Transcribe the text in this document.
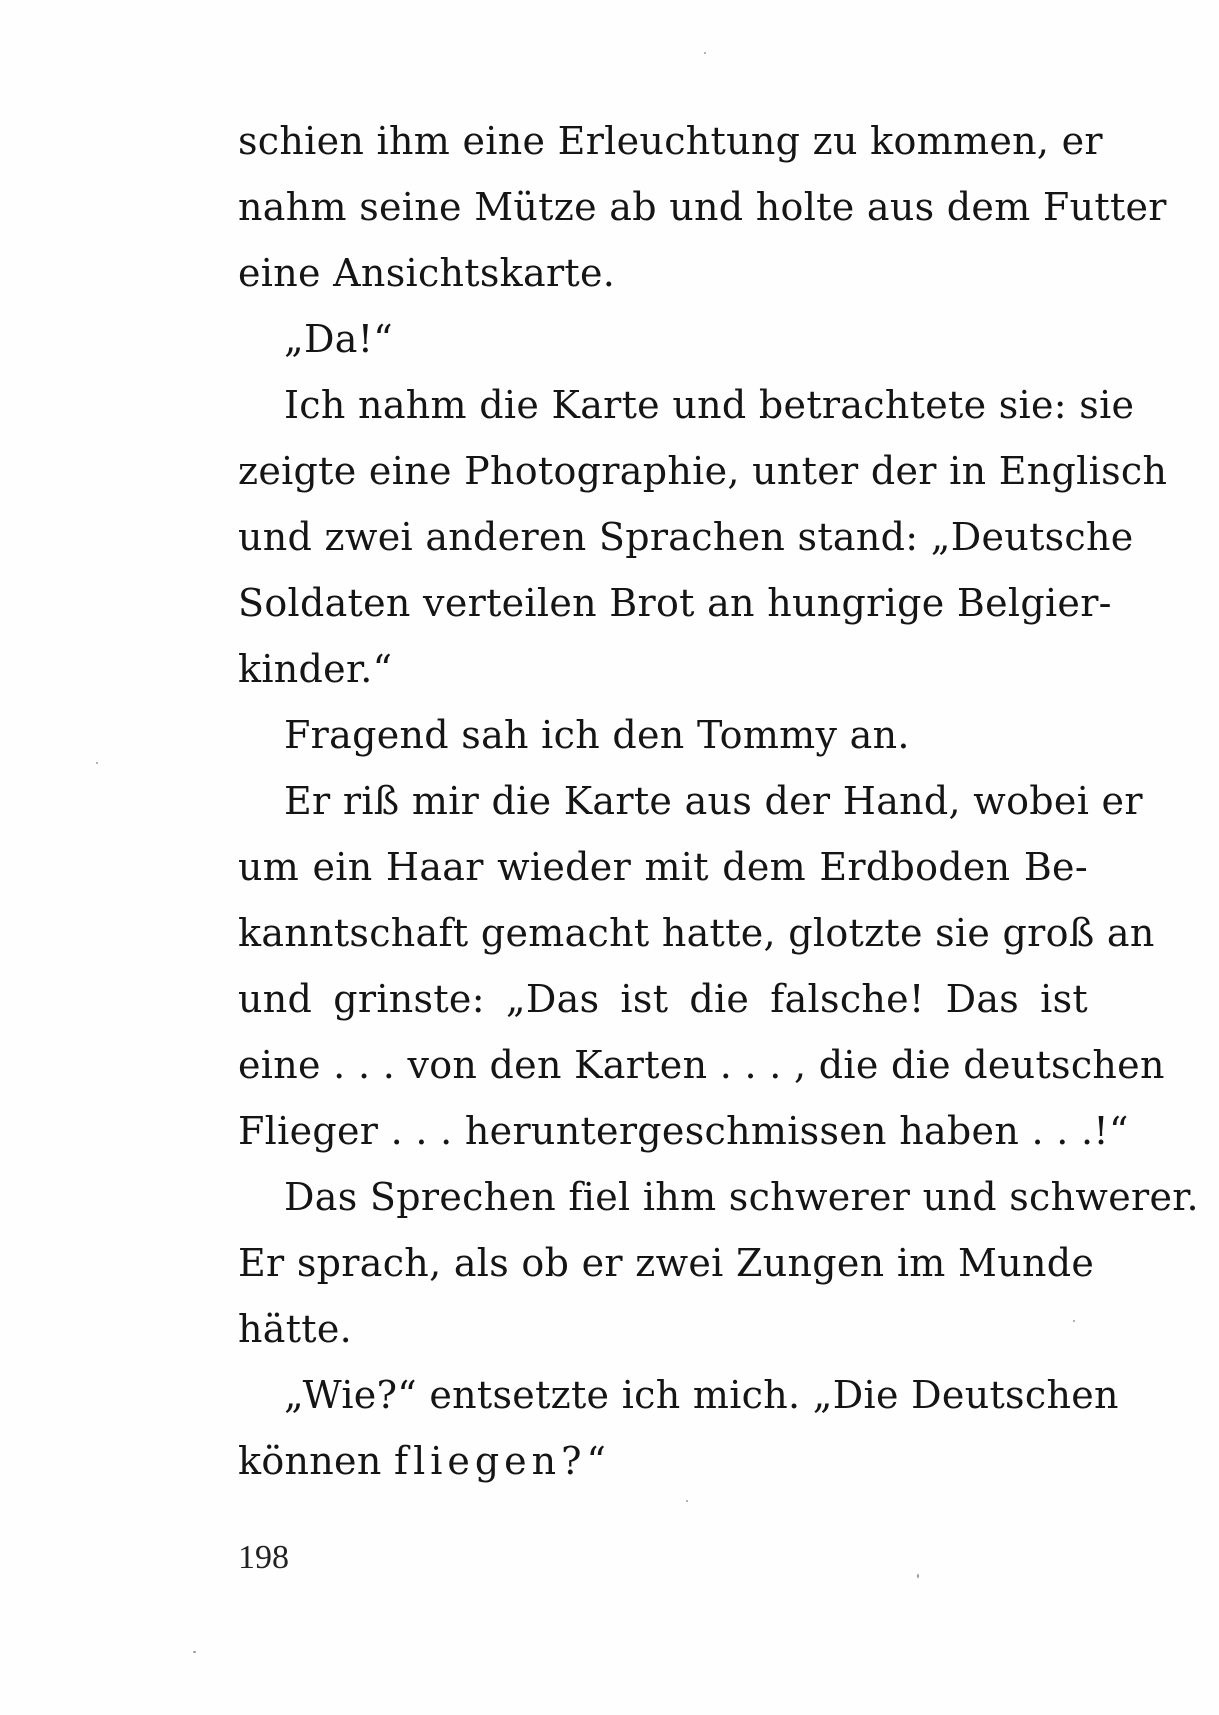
schien ihm eine Erleuchtung zu kommen, er
nahm seine Mütze ab und holte aus dem Futter
eine Ansichtskarte.
„Da!“
Ich nahm die Karte und betrachtete sie: sie
zeigte eine Photographie, unter der in Englisch
und zwei anderen Sprachen stand: „Deutsche
Soldaten verteilen Brot an hungrige Belgier-
kinder.“
Fragend sah ich den Tommy an.
Er riß mir die Karte aus der Hand, wobei er
um ein Haar wieder mit dem Erdboden Be-
kanntschaft gemacht hatte, glotzte sie groß an
und grinste: „Das ist die falsche! Das ist
eine . . . von den Karten . . . , die die deutschen
Flieger . . . heruntergeschmissen haben . . .!“
Das Sprechen fiel ihm schwerer und schwerer.
Er sprach, als ob er zwei Zungen im Munde
hätte.
„Wie?“ entsetzte ich mich. „Die Deutschen
können fliegen?“
198
